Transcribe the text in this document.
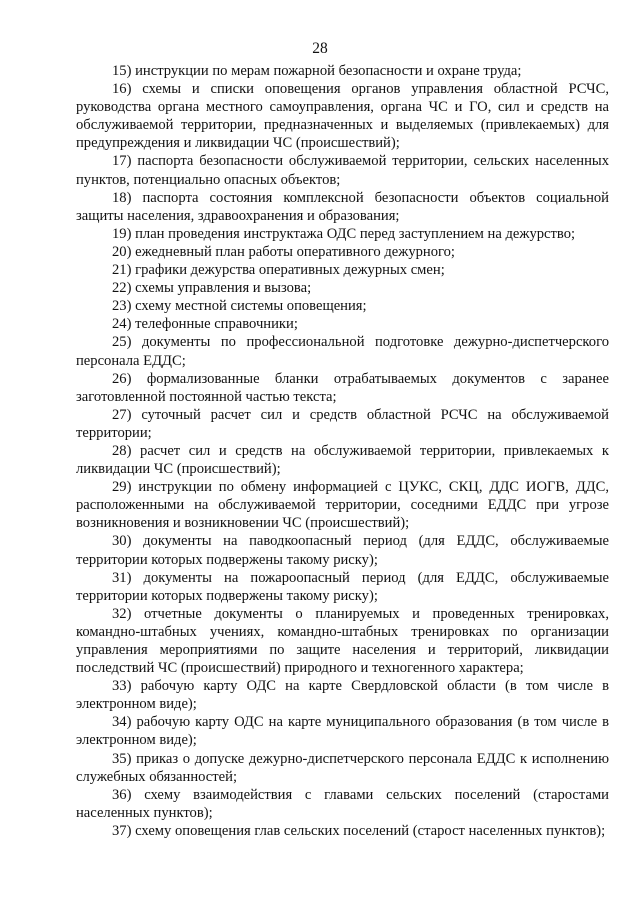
28

15) инструкции по мерам пожарной безопасности и охране труда;

16) схемы и списки оповещения органов управления областной РСЧС, руководства органа местного самоуправления, органа ЧС и ГО, сил и средств на обслуживаемой территории, предназначенных и выделяемых (привлекаемых) для предупреждения и ликвидации ЧС (происшествий);

17) паспорта безопасности обслуживаемой территории, сельских населенных пунктов, потенциально опасных объектов;

18) паспорта состояния комплексной безопасности объектов социальной защиты населения, здравоохранения и образования;

19) план проведения инструктажа ОДС перед заступлением на дежурство;

20) ежедневный план работы оперативного дежурного;

21) графики дежурства оперативных дежурных смен;

22) схемы управления и вызова;

23) схему местной системы оповещения;

24) телефонные справочники;

25) документы по профессиональной подготовке дежурно-диспетчерского персонала ЕДДС;

26) формализованные бланки отрабатываемых документов с заранее заготовленной постоянной частью текста;

27) суточный расчет сил и средств областной РСЧС на обслуживаемой территории;

28) расчет сил и средств на обслуживаемой территории, привлекаемых к ликвидации ЧС (происшествий);

29) инструкции по обмену информацией с ЦУКС, СКЦ, ДДС ИОГВ, ДДС, расположенными на обслуживаемой территории, соседними ЕДДС при угрозе возникновения и возникновении ЧС (происшествий);

30) документы на паводкоопасный период (для ЕДДС, обслуживаемые территории которых подвержены такому риску);

31) документы на пожароопасный период (для ЕДДС, обслуживаемые территории которых подвержены такому риску);

32) отчетные документы о планируемых и проведенных тренировках, командно-штабных учениях, командно-штабных тренировках по организации управления мероприятиями по защите населения и территорий, ликвидации последствий ЧС (происшествий) природного и техногенного характера;

33) рабочую карту ОДС на карте Свердловской области (в том числе в электронном виде);

34) рабочую карту ОДС на карте муниципального образования (в том числе в электронном виде);

35) приказ о допуске дежурно-диспетчерского персонала ЕДДС к исполнению служебных обязанностей;

36) схему взаимодействия с главами сельских поселений (старостами населенных пунктов);

37) схему оповещения глав сельских поселений (старост населенных пунктов);
